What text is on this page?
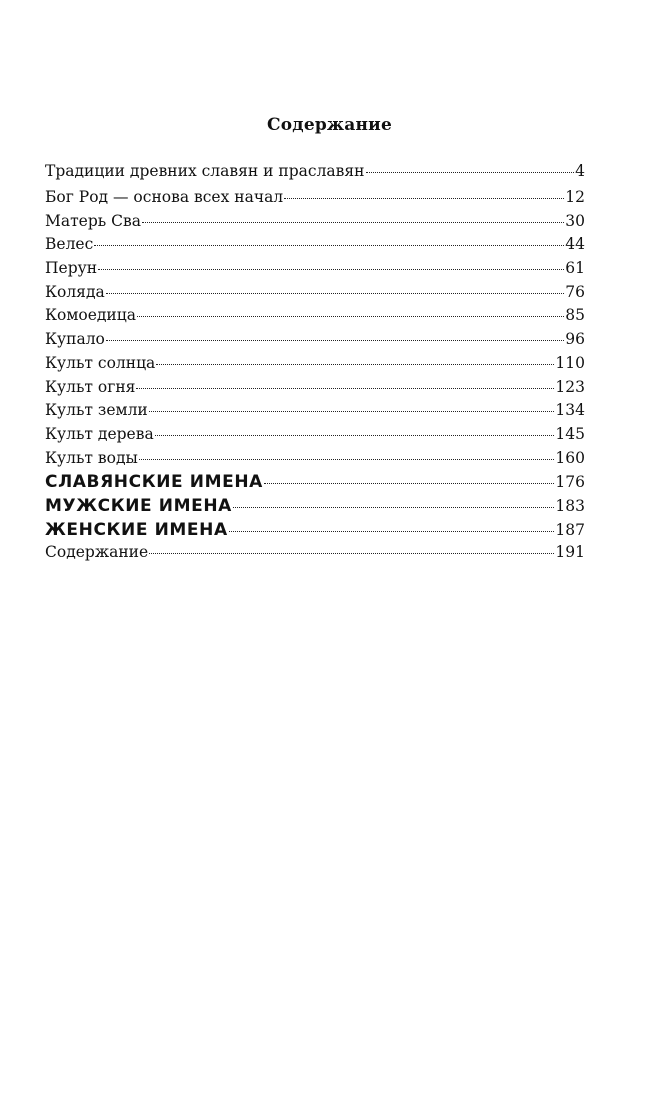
Содержание
Традиции древних славян и праславян	4
Бог Род — основа всех начал	12
Матерь Сва	30
Велес	44
Перун	61
Коляда	76
Комоедица	85
Купало	96
Культ солнца	110
Культ огня	123
Культ земли	134
Культ дерева	145
Культ воды	160
СЛАВЯНСКИЕ ИМЕНА	176
МУЖСКИЕ ИМЕНА	183
ЖЕНСКИЕ ИМЕНА	187
Содержание	191
